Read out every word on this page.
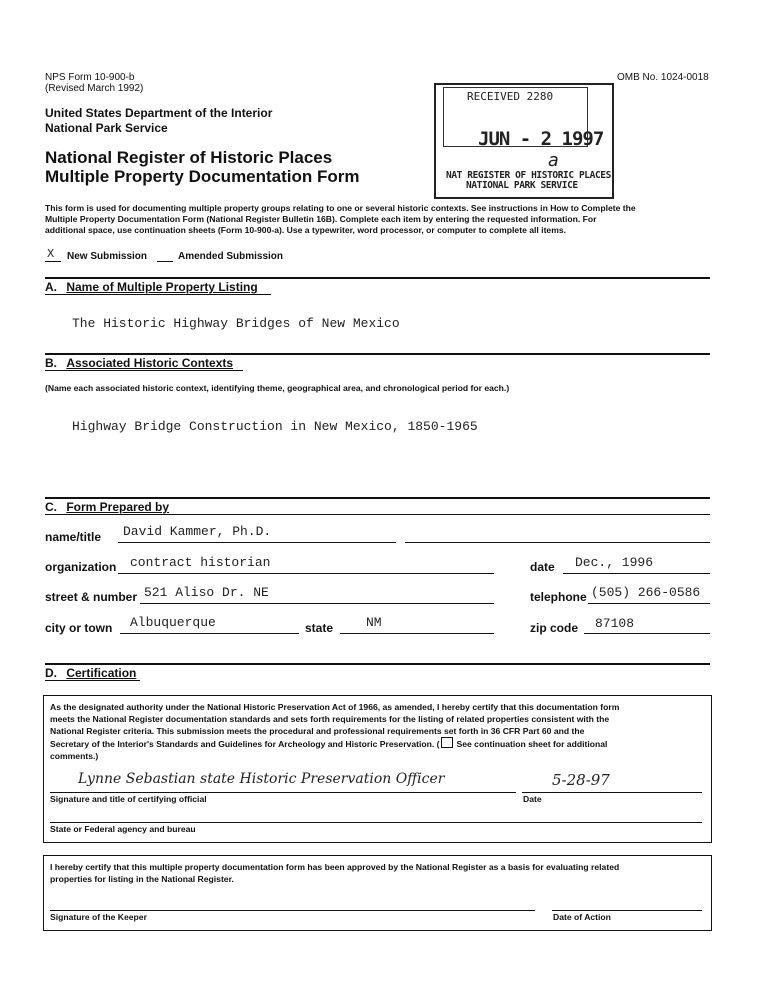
NPS Form 10-900-b
(Revised March 1992)
OMB No. 1024-0018
United States Department of the Interior
National Park Service
National Register of Historic Places
Multiple Property Documentation Form
RECEIVED 2280
JUN - 2 1997
a
NAT REGISTER OF HISTORIC PLACES
NATIONAL PARK SERVICE
This form is used for documenting multiple property groups relating to one or several historic contexts. See instructions in How to Complete the
Multiple Property Documentation Form (National Register Bulletin 16B). Complete each item by entering the requested information. For
additional space, use continuation sheets (Form 10-900-a). Use a typewriter, word processor, or computer to complete all items.
X New Submission	Amended Submission
A. Name of Multiple Property Listing
The Historic Highway Bridges of New Mexico
B. Associated Historic Contexts
(Name each associated historic context, identifying theme, geographical area, and chronological period for each.)
Highway Bridge Construction in New Mexico, 1850-1965
C. Form Prepared by
name/title David Kammer, Ph.D.
organization contract historian	date Dec., 1996
street & number 521 Aliso Dr. NE	telephone (505) 266-0586
city or town Albuquerque	state	NM	zip code 87108
D. Certification
As the designated authority under the National Historic Preservation Act of 1966, as amended, I hereby certify that this documentation form
meets the National Register documentation standards and sets forth requirements for the listing of related properties consistent with the
National Register criteria. This submission meets the procedural and professional requirements set forth in 36 CFR Part 60 and the
Secretary of the Interior's Standards and Guidelines for Archeology and Historic Preservation. ( See continuation sheet for additional
comments.)
Lynne Sebastian state Historic Preservation Officer	5-28-97
Signature and title of certifying official	Date
State or Federal agency and bureau
I hereby certify that this multiple property documentation form has been approved by the National Register as a basis for evaluating related
properties for listing in the National Register.
Signature of the Keeper	Date of Action
